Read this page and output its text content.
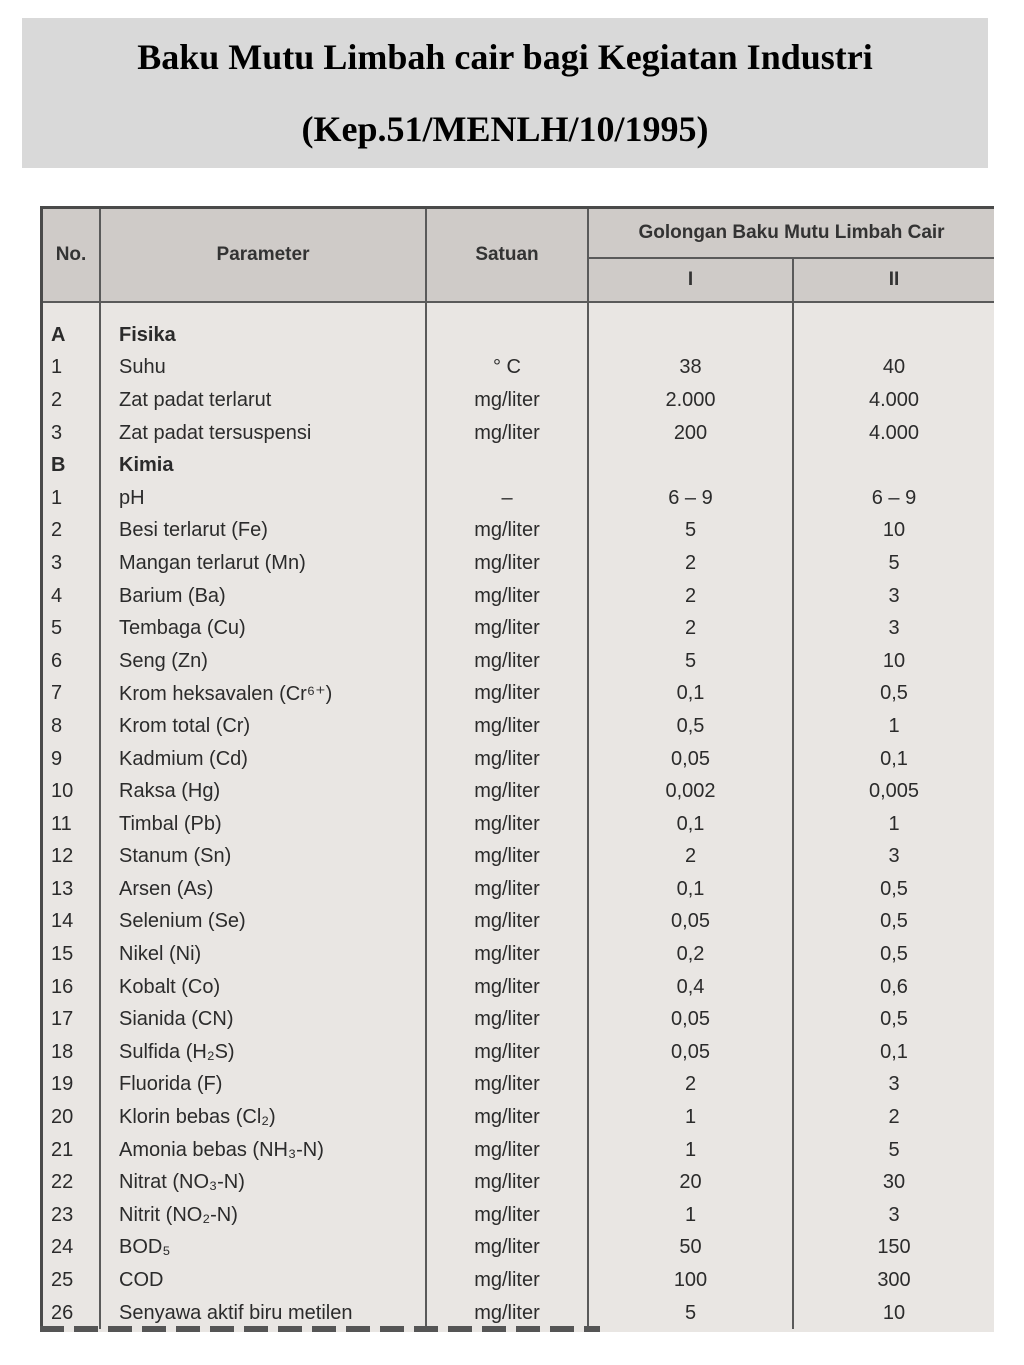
Baku Mutu Limbah cair bagi Kegiatan Industri
(Kep.51/MENLH/10/1995)
No.	Parameter	Satuan	Golongan Baku Mutu Limbah Cair	
			I	II
A	Fisika			
1	Suhu	° C	38	40
2	Zat padat terlarut	mg/liter	2.000	4.000
3	Zat padat tersuspensi	mg/liter	200	4.000
B	Kimia			
1	pH	–	6 – 9	6 – 9
2	Besi terlarut (Fe)	mg/liter	5	10
3	Mangan terlarut (Mn)	mg/liter	2	5
4	Barium (Ba)	mg/liter	2	3
5	Tembaga (Cu)	mg/liter	2	3
6	Seng (Zn)	mg/liter	5	10
7	Krom heksavalen (Cr⁶⁺)	mg/liter	0,1	0,5
8	Krom total (Cr)	mg/liter	0,5	1
9	Kadmium (Cd)	mg/liter	0,05	0,1
10	Raksa (Hg)	mg/liter	0,002	0,005
11	Timbal (Pb)	mg/liter	0,1	1
12	Stanum (Sn)	mg/liter	2	3
13	Arsen (As)	mg/liter	0,1	0,5
14	Selenium (Se)	mg/liter	0,05	0,5
15	Nikel (Ni)	mg/liter	0,2	0,5
16	Kobalt (Co)	mg/liter	0,4	0,6
17	Sianida (CN)	mg/liter	0,05	0,5
18	Sulfida (H₂S)	mg/liter	0,05	0,1
19	Fluorida (F)	mg/liter	2	3
20	Klorin bebas (Cl₂)	mg/liter	1	2
21	Amonia bebas (NH₃-N)	mg/liter	1	5
22	Nitrat (NO₃-N)	mg/liter	20	30
23	Nitrit (NO₂-N)	mg/liter	1	3
24	BOD₅	mg/liter	50	150
25	COD	mg/liter	100	300
26	Senyawa aktif biru metilen	mg/liter	5	10
